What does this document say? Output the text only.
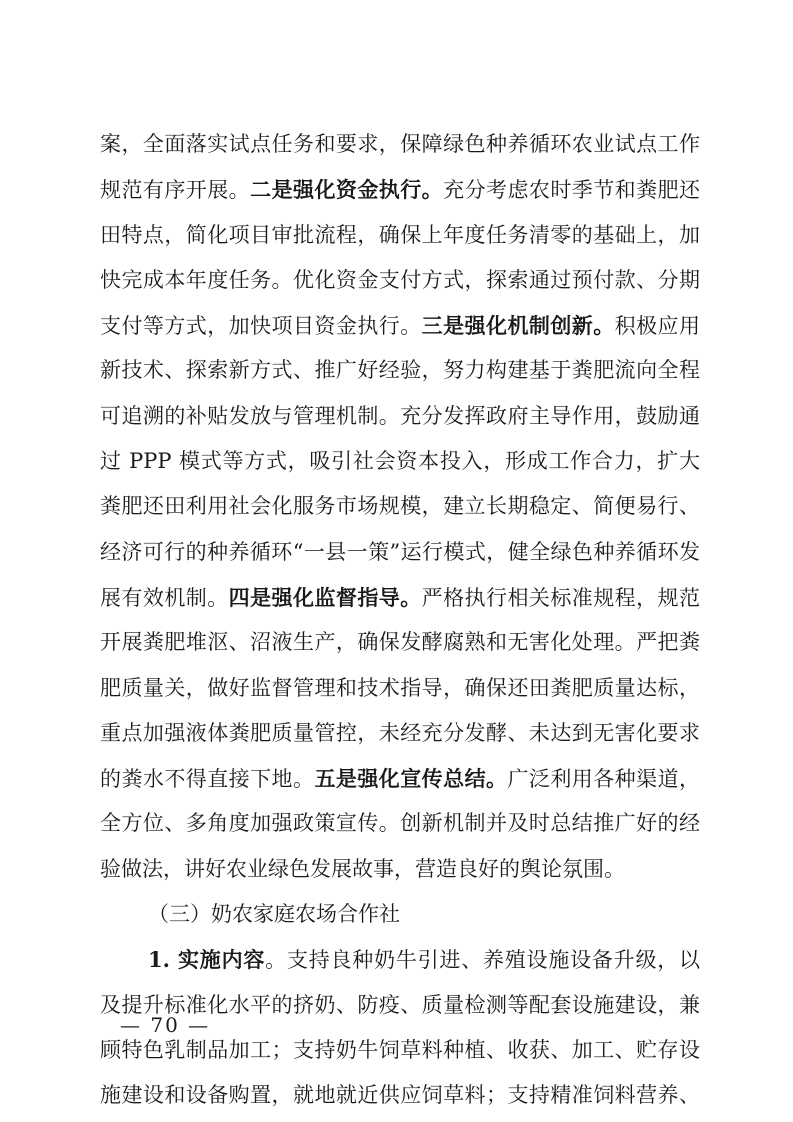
案，全面落实试点任务和要求，保障绿色种养循环农业试点工作
规范有序开展。二是强化资金执行。充分考虑农时季节和粪肥还
田特点，简化项目审批流程，确保上年度任务清零的基础上，加
快完成本年度任务。优化资金支付方式，探索通过预付款、分期
支付等方式，加快项目资金执行。三是强化机制创新。积极应用
新技术、探索新方式、推广好经验，努力构建基于粪肥流向全程
可追溯的补贴发放与管理机制。充分发挥政府主导作用，鼓励通
过 PPP 模式等方式，吸引社会资本投入，形成工作合力，扩大
粪肥还田利用社会化服务市场规模，建立长期稳定、简便易行、
经济可行的种养循环“一县一策”运行模式，健全绿色种养循环发
展有效机制。四是强化监督指导。严格执行相关标准规程，规范
开展粪肥堆沤、沼液生产，确保发酵腐熟和无害化处理。严把粪
肥质量关，做好监督管理和技术指导，确保还田粪肥质量达标，
重点加强液体粪肥质量管控，未经充分发酵、未达到无害化要求
的粪水不得直接下地。五是强化宣传总结。广泛利用各种渠道，
全方位、多角度加强政策宣传。创新机制并及时总结推广好的经
验做法，讲好农业绿色发展故事，营造良好的舆论氛围。
（三）奶农家庭农场合作社
1. 实施内容。支持良种奶牛引进、养殖设施设备升级，以
及提升标准化水平的挤奶、防疫、质量检测等配套设施建设，兼
顾特色乳制品加工；支持奶牛饲草料种植、收获、加工、贮存设
施建设和设备购置，就地就近供应饲草料；支持精准饲料营养、
— 70 —
